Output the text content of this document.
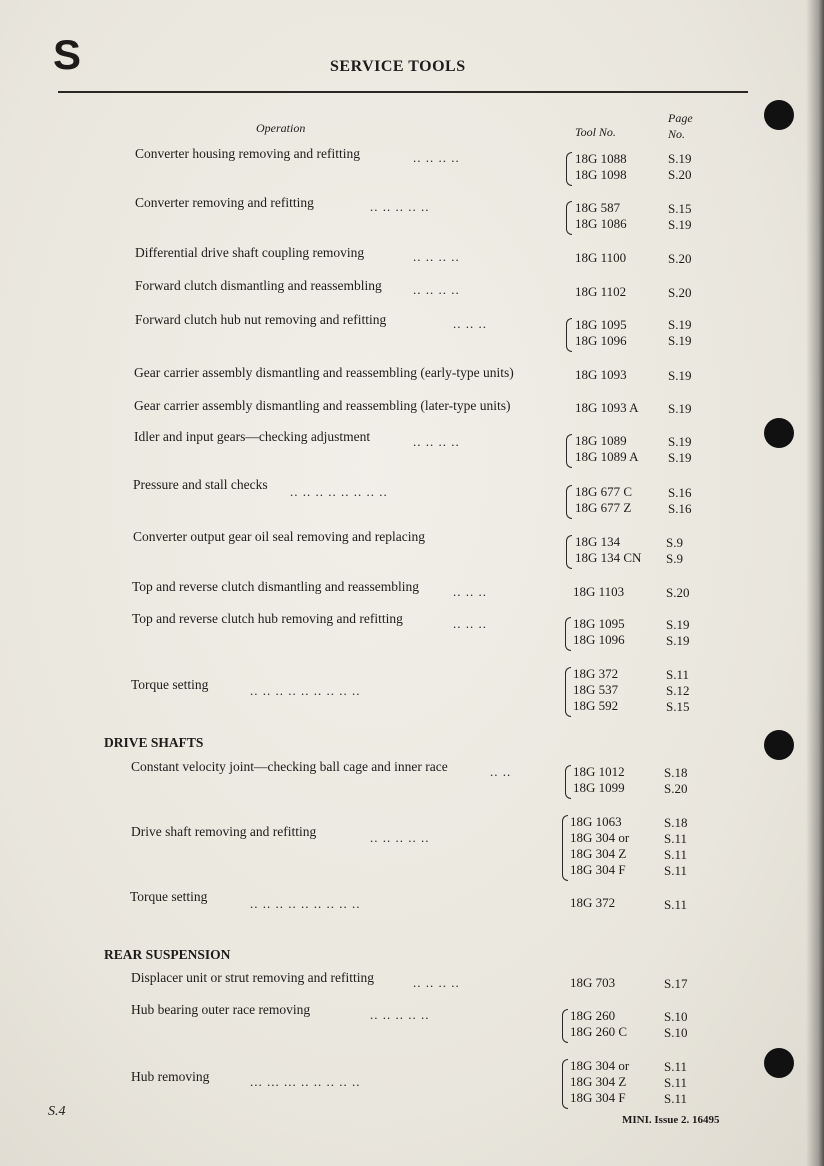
S	SERVICE TOOLS
Operation	Tool No.
Page
No.
Converter housing removing and refitting	.. .. .. ..	18G 1088	S.19
18G 1098	S.20
Converter removing and refitting	.. .. .. .. ..	18G 587	S.15
18G 1086	S.19
Differential drive shaft coupling removing	.. .. .. ..	18G 1100	S.20
Forward clutch dismantling and reassembling .. .. .. ..	18G 1102	S.20
Forward clutch hub nut removing and refitting	.. .. ..	18G 1095	S.19
18G 1096	S.19
Gear carrier assembly dismantling and reassembling (early-type units)	18G 1093	S.19
Gear carrier assembly dismantling and reassembling (later-type units)	18G 1093 A S.19
Idler and input gears—checking adjustment	.. .. .. ..	18G 1089	S.19
18G 1089 A S.19
Pressure and stall checks .. .. .. .. .. .. .. ..	18G 677 C	S.16
18G 677 Z	S.16
Converter output gear oil seal removing and replacing	18G 134	S.9
18G 134 CN S.9
Top and reverse clutch dismantling and reassembling	.. .. ..	18G 1103	S.20
Top and reverse clutch hub removing and refitting	.. .. ..	18G 1095	S.19
18G 1096	S.19
Torque setting	.. .. .. .. .. .. .. .. ..
18G 372	S.11
18G 537	S.12
18G 592	S.15
DRIVE SHAFTS
Constant velocity joint—checking ball cage and inner race	.. ..	18G 1012	S.18
18G 1099	S.20
Drive shaft removing and refitting	.. .. .. .. ..
18G 1063	S.18
18G 304 or	S.11
18G 304 Z	S.11
18G 304 F	S.11
Torque setting	.. .. .. .. .. .. .. .. ..	18G 372	S.11
REAR SUSPENSION
Displacer unit or strut removing and refitting	.. .. .. ..	18G 703	S.17
Hub bearing outer race removing	.. .. .. .. ..	18G 260	S.10
18G 260 C	S.10
Hub removing	... ... ... .. .. .. .. ..
18G 304 or	S.11
18G 304 Z	S.11
18G 304 F	S.11
S.4
MINI. Issue 2. 16495
